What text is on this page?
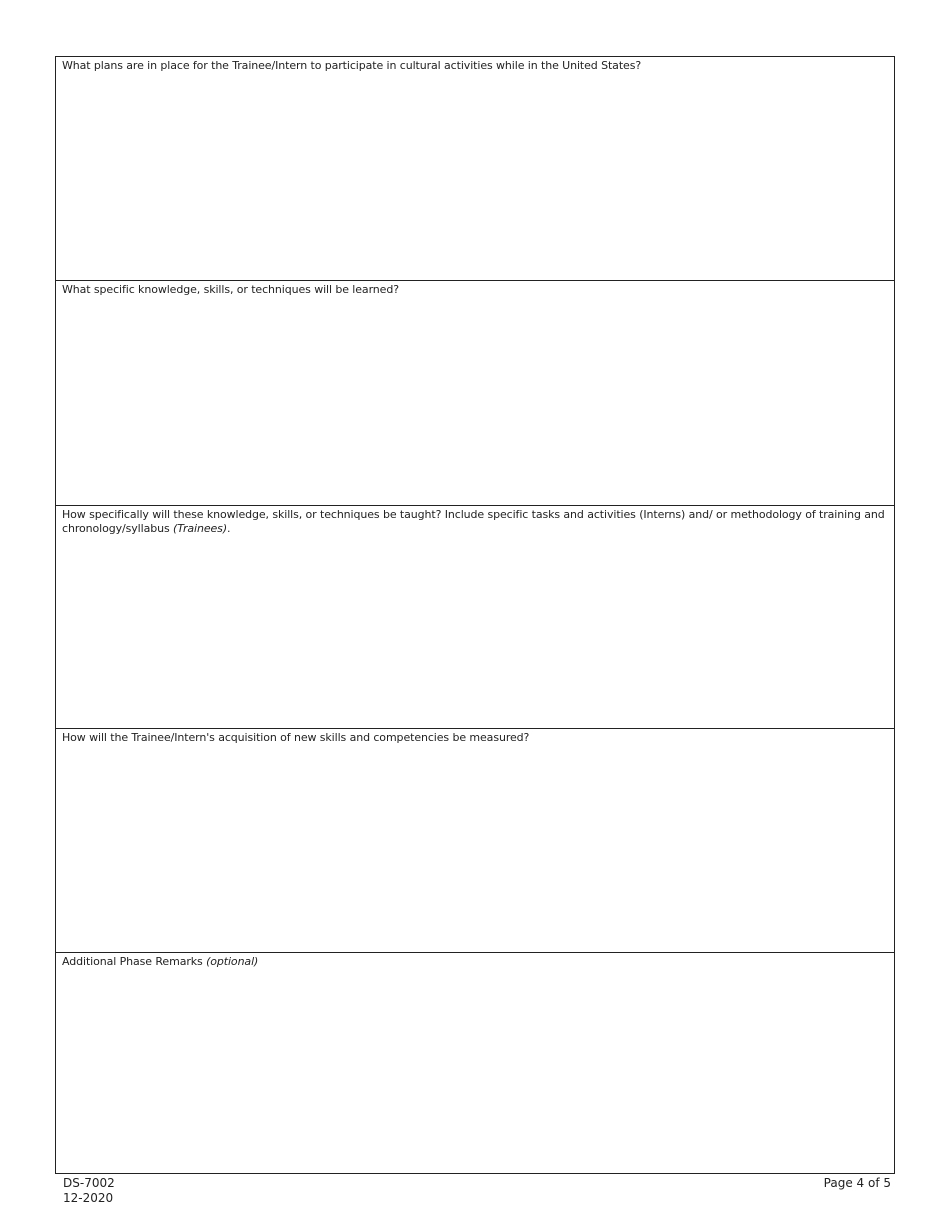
What plans are in place for the Trainee/Intern to participate in cultural activities while in the United States?
What specific knowledge, skills, or techniques will be learned?
How specifically will these knowledge, skills, or techniques be taught? Include specific tasks and activities (Interns) and/ or methodology of training and chronology/syllabus (Trainees).
How will the Trainee/Intern's acquisition of new skills and competencies be measured?
Additional Phase Remarks (optional)
DS-7002
12-2020
Page 4 of 5
